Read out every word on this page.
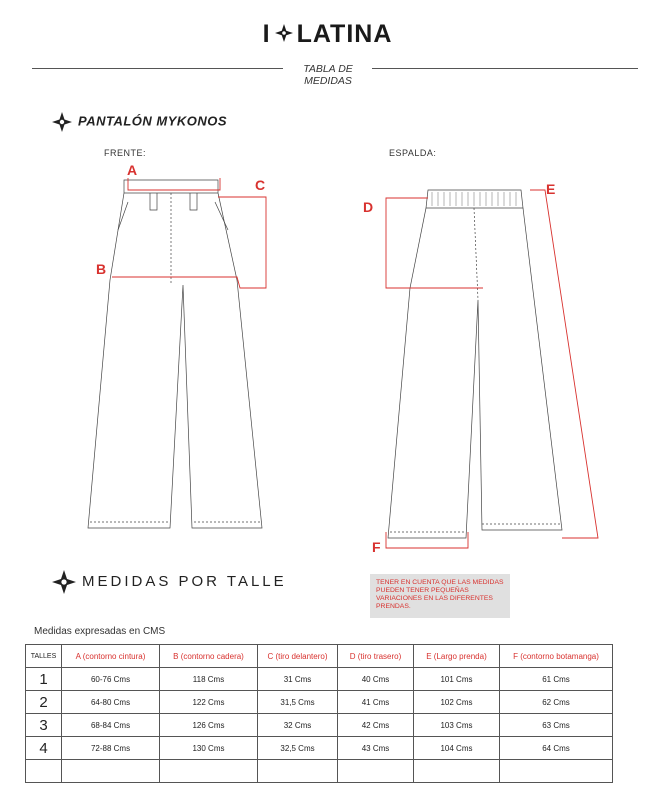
I LATINA
TABLA DE MEDIDAS
PANTALÓN MYKONOS
FRENTE:	ESPALDA:
A
B
C
D
E
F
MEDIDAS POR TALLE	TENER EN CUENTA QUE LAS MEDIDAS PUEDEN TENER PEQUEÑAS VARIACIONES EN LAS DIFERENTES PRENDAS.
Medidas expresadas en CMS
TALLES	A (contorno cintura)	B (contorno cadera)	C (tiro delantero)	D (tiro trasero)	E (Largo prenda)	F (contorno botamanga)
1	60-76 Cms	118 Cms	31 Cms	40 Cms	101 Cms	61 Cms
2	64-80 Cms	122 Cms	31,5 Cms	41 Cms	102 Cms	62 Cms
3	68-84 Cms	126 Cms	32 Cms	42 Cms	103 Cms	63 Cms
4	72-88 Cms	130 Cms	32,5 Cms	43 Cms	104 Cms	64 Cms
